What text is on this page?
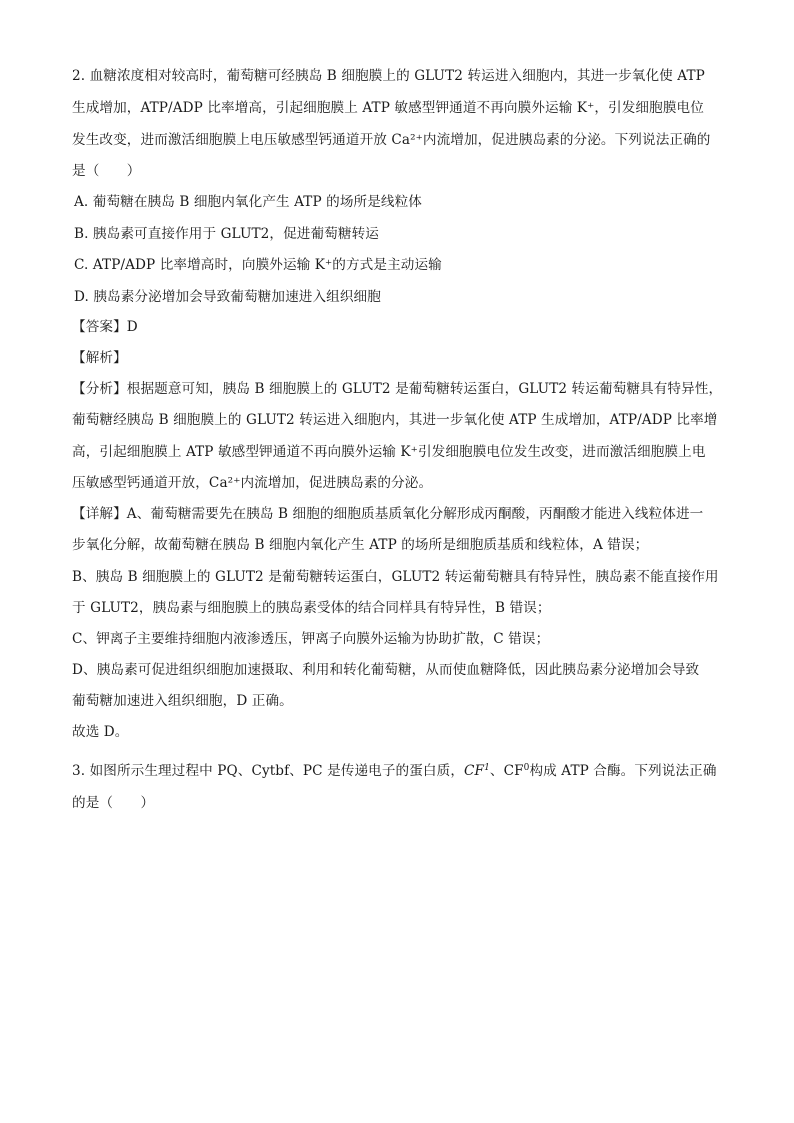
2. 血糖浓度相对较高时，葡萄糖可经胰岛 B 细胞膜上的 GLUT2 转运进入细胞内，其进一步氧化使 ATP
生成增加，ATP/ADP 比率增高，引起细胞膜上 ATP 敏感型钾通道不再向膜外运输 K⁺，引发细胞膜电位
发生改变，进而激活细胞膜上电压敏感型钙通道开放 Ca²⁺内流增加，促进胰岛素的分泌。下列说法正确的
是（　　）
A. 葡萄糖在胰岛 B 细胞内氧化产生 ATP 的场所是线粒体
B. 胰岛素可直接作用于 GLUT2，促进葡萄糖转运
C. ATP/ADP 比率增高时，向膜外运输 K⁺的方式是主动运输
D. 胰岛素分泌增加会导致葡萄糖加速进入组织细胞
【答案】D
【解析】
【分析】根据题意可知，胰岛 B 细胞膜上的 GLUT2 是葡萄糖转运蛋白，GLUT2 转运葡萄糖具有特异性，
葡萄糖经胰岛 B 细胞膜上的 GLUT2 转运进入细胞内，其进一步氧化使 ATP 生成增加，ATP/ADP 比率增
高，引起细胞膜上 ATP 敏感型钾通道不再向膜外运输 K⁺引发细胞膜电位发生改变，进而激活细胞膜上电
压敏感型钙通道开放，Ca²⁺内流增加，促进胰岛素的分泌。
【详解】A、葡萄糖需要先在胰岛 B 细胞的细胞质基质氧化分解形成丙酮酸，丙酮酸才能进入线粒体进一
步氧化分解，故葡萄糖在胰岛 B 细胞内氧化产生 ATP 的场所是细胞质基质和线粒体，A 错误；
B、胰岛 B 细胞膜上的 GLUT2 是葡萄糖转运蛋白，GLUT2 转运葡萄糖具有特异性，胰岛素不能直接作用
于 GLUT2，胰岛素与细胞膜上的胰岛素受体的结合同样具有特异性，B 错误；
C、钾离子主要维持细胞内液渗透压，钾离子向膜外运输为协助扩散，C 错误；
D、胰岛素可促进组织细胞加速摄取、利用和转化葡萄糖，从而使血糖降低，因此胰岛素分泌增加会导致
葡萄糖加速进入组织细胞，D 正确。
故选 D。
3. 如图所示生理过程中 PQ、Cytbf、PC 是传递电子的蛋白质，$CF^1$、$CF^0$构成 ATP 合酶。下列说法正确
的是（　　）
